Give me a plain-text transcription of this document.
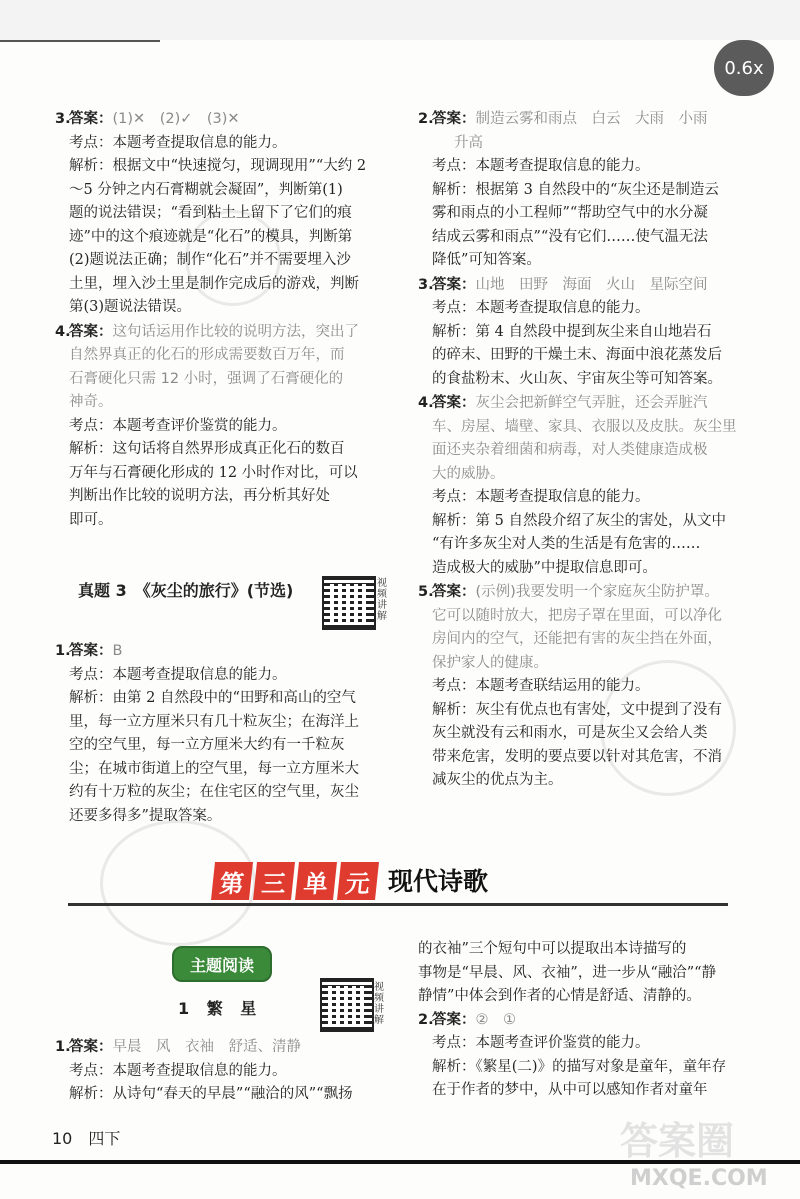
0.6x
3.
答案： (1)✕　(2)✓　(3)✕
考点：本题考查提取信息的能力。
解析：根据文中“快速搅匀，现调现用”“大约 2
～5 分钟之内石膏糊就会凝固”，判断第(1)
题的说法错误；“看到粘土上留下了它们的痕
迹”中的这个痕迹就是“化石”的模具，判断第
(2)题说法正确；制作“化石”并不需要埋入沙
土里，埋入沙土里是制作完成后的游戏，判断
第(3)题说法错误。
4.
答案： 这句话运用作比较的说明方法，突出了
自然界真正的化石的形成需要数百万年，而
石膏硬化只需 12 小时，强调了石膏硬化的
神奇。
考点：本题考查评价鉴赏的能力。
解析：这句话将自然界形成真正化石的数百
万年与石膏硬化形成的 12 小时作对比，可以
判断出作比较的说明方法，再分析其好处
即可。
真题 3　《灰尘的旅行》(节选)	视频讲解
1.
答案： B
考点：本题考查提取信息的能力。
解析：由第 2 自然段中的“田野和高山的空气
里，每一立方厘米只有几十粒灰尘；在海洋上
空的空气里，每一立方厘米大约有一千粒灰
尘；在城市街道上的空气里，每一立方厘米大
约有十万粒的灰尘；在住宅区的空气里，灰尘
还要多得多”提取答案。
2.
答案： 制造云雾和雨点　白云　大雨　小雨
升高
考点：本题考查提取信息的能力。
解析：根据第 3 自然段中的“灰尘还是制造云
雾和雨点的小工程师”“帮助空气中的水分凝
结成云雾和雨点”“没有它们……使气温无法
降低”可知答案。
3.
答案： 山地　田野　海面　火山　星际空间
考点：本题考查提取信息的能力。
解析：第 4 自然段中提到灰尘来自山地岩石
的碎末、田野的干燥土末、海面中浪花蒸发后
的食盐粉末、火山灰、宇宙灰尘等可知答案。
4.
答案： 灰尘会把新鲜空气弄脏，还会弄脏汽
车、房屋、墙壁、家具、衣服以及皮肤。灰尘里
面还夹杂着细菌和病毒，对人类健康造成极
大的威胁。
考点：本题考查提取信息的能力。
解析：第 5 自然段介绍了灰尘的害处，从文中
“有许多灰尘对人类的生活是有危害的……
造成极大的威胁”中提取信息即可。
5.
答案： (示例)我要发明一个家庭灰尘防护罩。
它可以随时放大，把房子罩在里面，可以净化
房间内的空气，还能把有害的灰尘挡在外面，
保护家人的健康。
考点：本题考查联结运用的能力。
解析：灰尘有优点也有害处，文中提到了没有
灰尘就没有云和雨水，可是灰尘又会给人类
带来危害，发明的要点要以针对其危害，不消
减灰尘的优点为主。
第 三 单 元 现代诗歌
主题阅读
1 繁 星
视频讲解
1.
答案： 早晨　风　衣袖　舒适、清静
考点：本题考查提取信息的能力。
解析：从诗句“春天的早晨”“融洽的风”“飘扬
的衣袖”三个短句中可以提取出本诗描写的
事物是“早晨、风、衣袖”，进一步从“融洽”“静
静情”中体会到作者的心情是舒适、清静的。
2.
答案： ②　①
考点：本题考查评价鉴赏的能力。
解析：《繁星(二)》的描写对象是童年，童年存
在于作者的梦中，从中可以感知作者对童年
10　四下	答案圈
MXQE.COM
